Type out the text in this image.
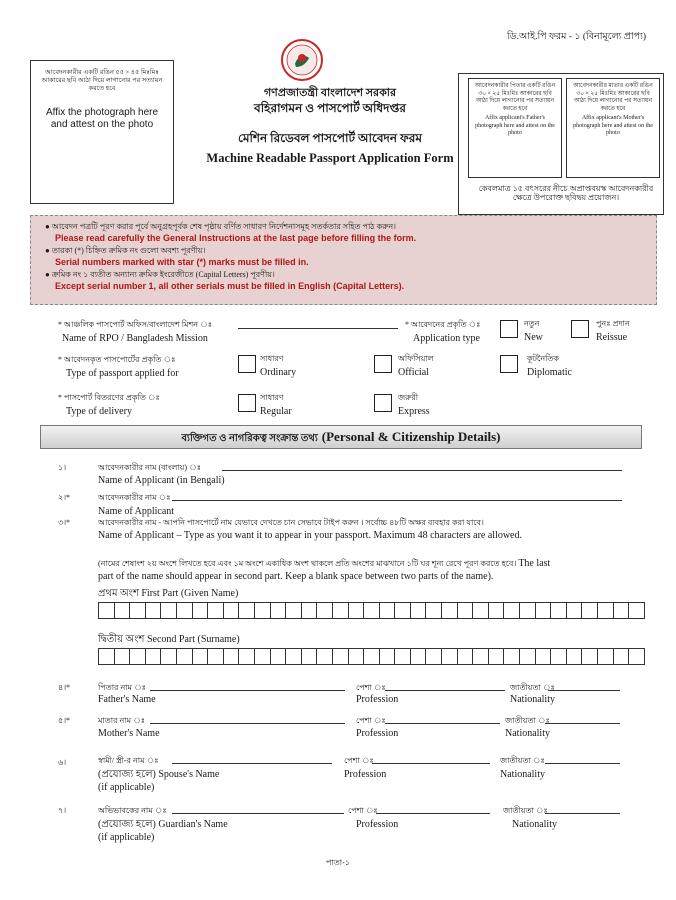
ডি.আই.পি ফরম - ১ (বিনামূল্যে প্রাপ্য)
আবেদনকারীর একটি রঙিন ৫৫ × ৪৫ মিঃমিঃ আকারের ছবি আঠা দিয়ে লাগানোর পর সত্যায়ন করতে হবে
Affix the photograph here and attest on the photo
গণপ্রজাতন্ত্রী বাংলাদেশ সরকার
বহিরাগমন ও পাসপোর্ট অধিদপ্তর
মেশিন রিডেবল পাসপোর্ট আবেদন ফরম
Machine Readable Passport Application Form
আবেদনকারীর পিতার একটি রঙিন ৩০ × ২৫ মিঃমিঃ আকারের ছবি আঠা দিয়ে লাগানোর পর সত্যায়ন করতে হবে
Affix applicant's Father's photograph here and attest on the photo
আবেদনকারীর মাতার একটি রঙিন ৩০ × ২৫ মিঃমিঃ আকারের ছবি আঠা দিয়ে লাগানোর পর সত্যায়ন করতে হবে
Affix applicant's Mother's photograph here and attest on the photo
কেবলমাত্র ১৫ বৎসরের নীচে অপ্রাপ্তবয়স্ক আবেদনকারীর ক্ষেত্রে উপরোক্ত ছবিদ্বয় প্রয়োজন।
● আবেদন পত্রটি পূরণ করার পূর্বে অনুগ্রহপূর্বক শেষ পৃষ্ঠায় বর্ণিত সাধারণ নির্দেশনাসমূহ সতর্কতার সহিত পাঠ করুন।
Please read carefully the General Instructions at the last page before filling the form.
● তারকা (*) চিহ্নিত ক্রমিক নং গুলো অবশ্য পূরণীয়।
Serial numbers marked with star (*) marks must be filled in.
● ক্রমিক নং ১ ব্যতীত অন্যান্য ক্রমিক ইংরেজীতে (Capital Letters) পূরণীয়।
Except serial number 1, all other serials must be filled in English (Capital Letters).
* আঞ্চলিক পাসপোর্ট অফিস/বাংলাদেশ মিশন ঃ
Name of RPO / Bangladesh Mission
* আবেদনের প্রকৃতি ঃ
Application type
নতুন
New
পুনঃ প্রদান
Reissue
* আবেদনকৃত পাসপোর্টের প্রকৃতি ঃ
Type of passport applied for
সাধারণ
Ordinary
অফিসিয়াল
Official
কূটনৈতিক
Diplomatic
* পাসপোর্ট বিতরণের প্রকৃতি ঃ
Type of delivery
সাধারণ
Regular
জরুরী
Express
ব্যক্তিগত ও নাগরিকত্ব সংক্রান্ত তথ্য (Personal & Citizenship Details)
১।	আবেদনকারীর নাম (বাংলায়) ঃ
Name of Applicant (in Bengali)
২।*	আবেদনকারীর নাম ঃ
Name of Applicant
৩।*	আবেদনকারীর নাম - আপনি পাসপোর্টে নাম যেভাবে দেখতে চান সেভাবে টাইপ করুন । সর্বোচ্চ ৪৮টি অক্ষর ব্যবহার করা যাবে।
Name of Applicant – Type as you want it to appear in your passport. Maximum 48 characters are allowed.
(নামের শেষাংশ ২য় অংশে লিখতে হবে এবং ১ম অংশে একাধিক অংশ থাকলে প্রতি অংশের মাঝখানে ১টি ঘর শূন্য রেখে পূরণ করতে হবে। The last
part of the name should appear in second part. Keep a blank space between two parts of the name).
প্রথম অংশ First Part (Given Name)
দ্বিতীয় অংশ Second Part (Surname)
৪।*	পিতার নাম ঃ
Father's Name
পেশা ঃ
Profession
জাতীয়তা ঃ
Nationality
৫।*	মাতার নাম ঃ
Mother's Name
পেশা ঃ
Profession
জাতীয়তা ঃ
Nationality
৬।	স্বামী/ স্ত্রী-র নাম ঃ
(প্রযোজ্য হলে) Spouse's Name
(if applicable)
পেশা ঃ
Profession
জাতীয়তা ঃ
Nationality
৭।	অভিভাবকের নাম ঃ
(প্রযোজ্য হলে) Guardian's Name
(if applicable)
পেশা ঃ
Profession
জাতীয়তা ঃ
Nationality
পাতা-১
